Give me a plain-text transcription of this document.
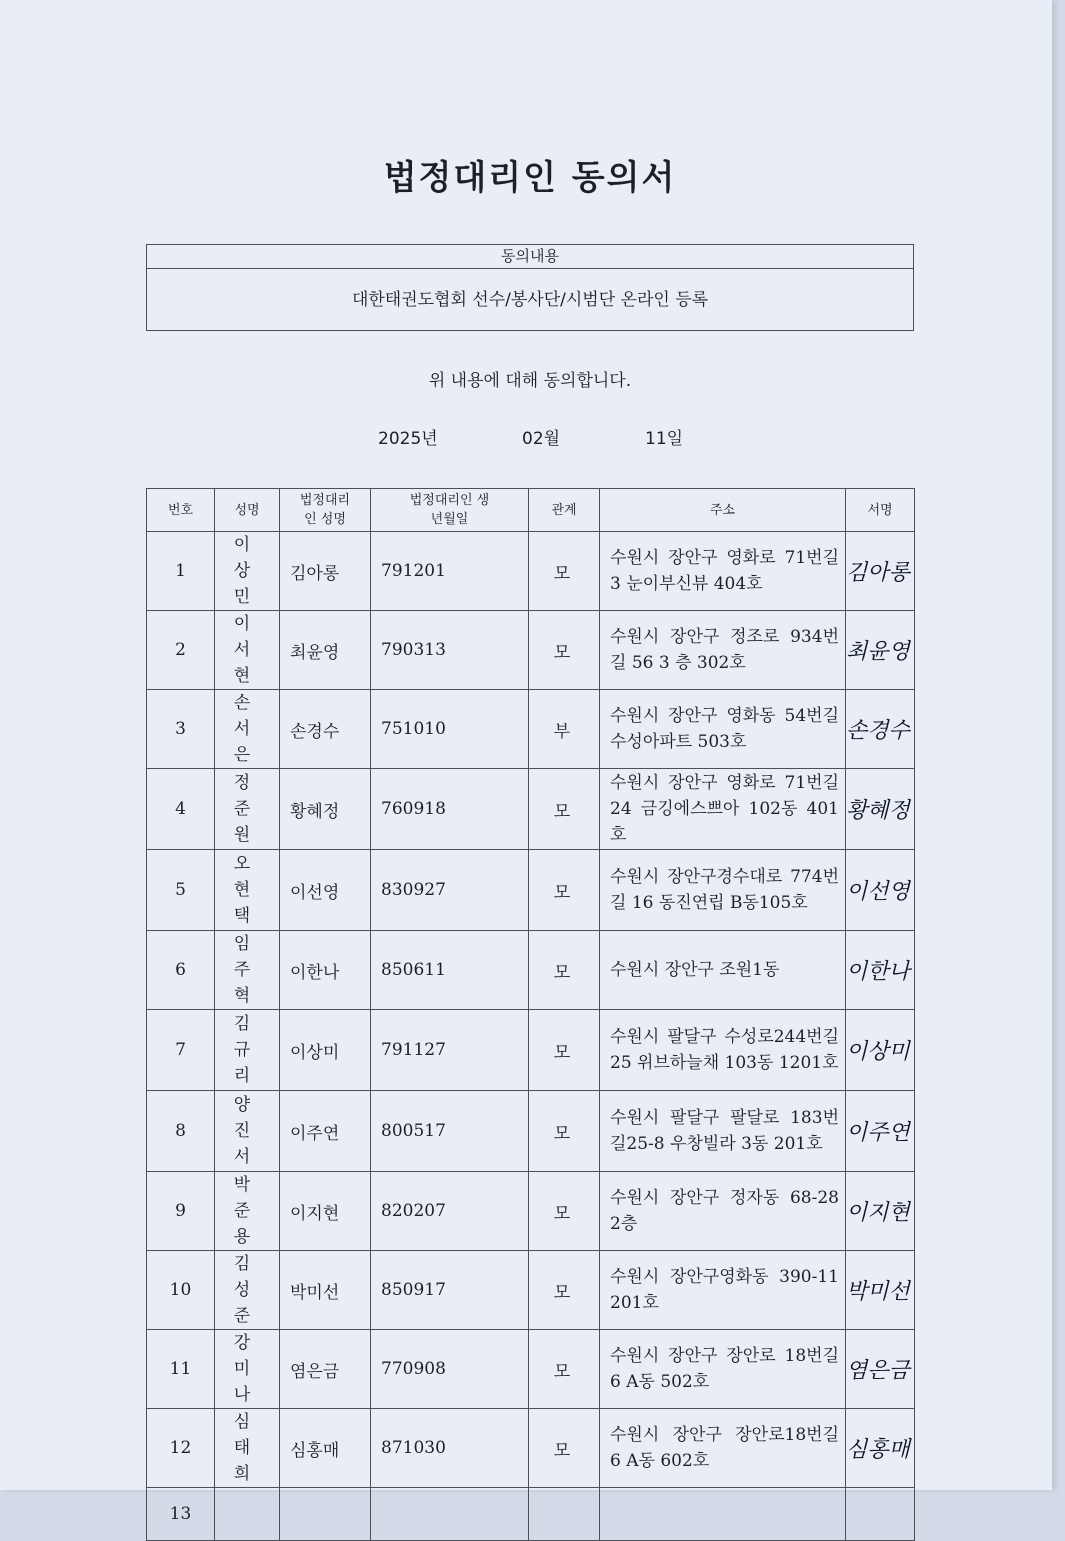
법정대리인 동의서
동의내용
대한태권도협회 선수/봉사단/시범단 온라인 등록
위 내용에 대해 동의합니다.
2025년	02월	11일
번호	성명	법정대리인 성명	법정대리인 생년월일	관계	주소	서명
1	이 상 민	김아롱	791201	모	수원시 장안구 영화로 71번길 3 눈이부신뷰 404호	김아롱

2	이 서 현	최윤영	790313	모	수원시 장안구 정조로 934번길 56 3 층 302호	최윤영

3	손 서 은	손경수	751010	부	수원시 장안구 영화동 54번길 수성아파트 503호	손경수

4	정 준 원	황혜정	760918	모	수원시 장안구 영화로 71번길 24 금깅에스쁘아 102동 401호	황혜정

5	오 현 택	이선영	830927	모	수원시 장안구경수대로 774번길 16 동진연립 B동105호	이선영

6	임 주 혁	이한나	850611	모	수원시 장안구 조원1동	이한나

7	김 규 리	이상미	791127	모	수원시 팔달구 수성로244번길 25 위브하늘채 103동 1201호	이상미

8	양 진 서	이주연	800517	모	수원시 팔달구 팔달로 183번길25-8 우창빌라 3동 201호	이주연

9	박 준 용	이지현	820207	모	수원시 장안구 정자동 68-28 2층	이지현

10	김 성 준	박미선	850917	모	수원시 장안구영화동 390-11 201호	박미선

11	강 미 나	염은금	770908	모	수원시 장안구 장안로 18번길 6 A동 502호	염은금

12	심 태 희	심홍매	871030	모	수원시 장안구 장안로18번길 6 A동 602호	심홍매

13						
